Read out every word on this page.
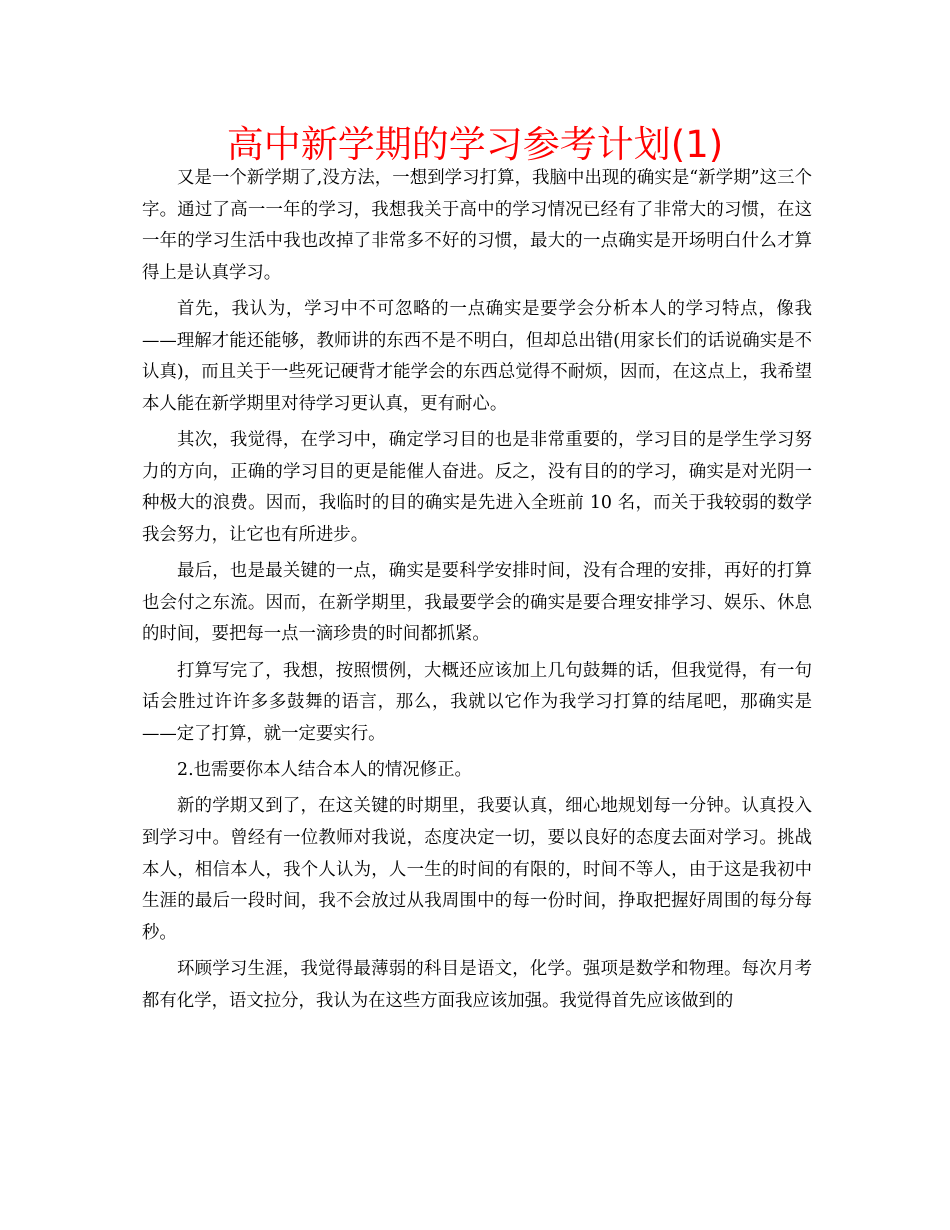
高中新学期的学习参考计划(1)

又是一个新学期了,没方法，一想到学习打算，我脑中出现的确实是“新学期”这三个字。通过了高一一年的学习，我想我关于高中的学习情况已经有了非常大的习惯，在这一年的学习生活中我也改掉了非常多不好的习惯，最大的一点确实是开场明白什么才算得上是认真学习。

首先，我认为，学习中不可忽略的一点确实是要学会分析本人的学习特点，像我——理解才能还能够，教师讲的东西不是不明白，但却总出错(用家长们的话说确实是不认真)，而且关于一些死记硬背才能学会的东西总觉得不耐烦，因而，在这点上，我希望本人能在新学期里对待学习更认真，更有耐心。

其次，我觉得，在学习中，确定学习目的也是非常重要的，学习目的是学生学习努力的方向，正确的学习目的更是能催人奋进。反之，没有目的的学习，确实是对光阴一种极大的浪费。因而，我临时的目的确实是先进入全班前 10 名，而关于我较弱的数学我会努力，让它也有所进步。

最后，也是最关键的一点，确实是要科学安排时间，没有合理的安排，再好的打算也会付之东流。因而，在新学期里，我最要学会的确实是要合理安排学习、娱乐、休息的时间，要把每一点一滴珍贵的时间都抓紧。

打算写完了，我想，按照惯例，大概还应该加上几句鼓舞的话，但我觉得，有一句话会胜过许许多多鼓舞的语言，那么，我就以它作为我学习打算的结尾吧，那确实是——定了打算，就一定要实行。

2.也需要你本人结合本人的情况修正。

新的学期又到了，在这关键的时期里，我要认真，细心地规划每一分钟。认真投入到学习中。曾经有一位教师对我说，态度决定一切，要以良好的态度去面对学习。挑战本人，相信本人，我个人认为，人一生的时间的有限的，时间不等人，由于这是我初中生涯的最后一段时间，我不会放过从我周围中的每一份时间，挣取把握好周围的每分每秒。

环顾学习生涯，我觉得最薄弱的科目是语文，化学。强项是数学和物理。每次月考都有化学，语文拉分，我认为在这些方面我应该加强。我觉得首先应该做到的
